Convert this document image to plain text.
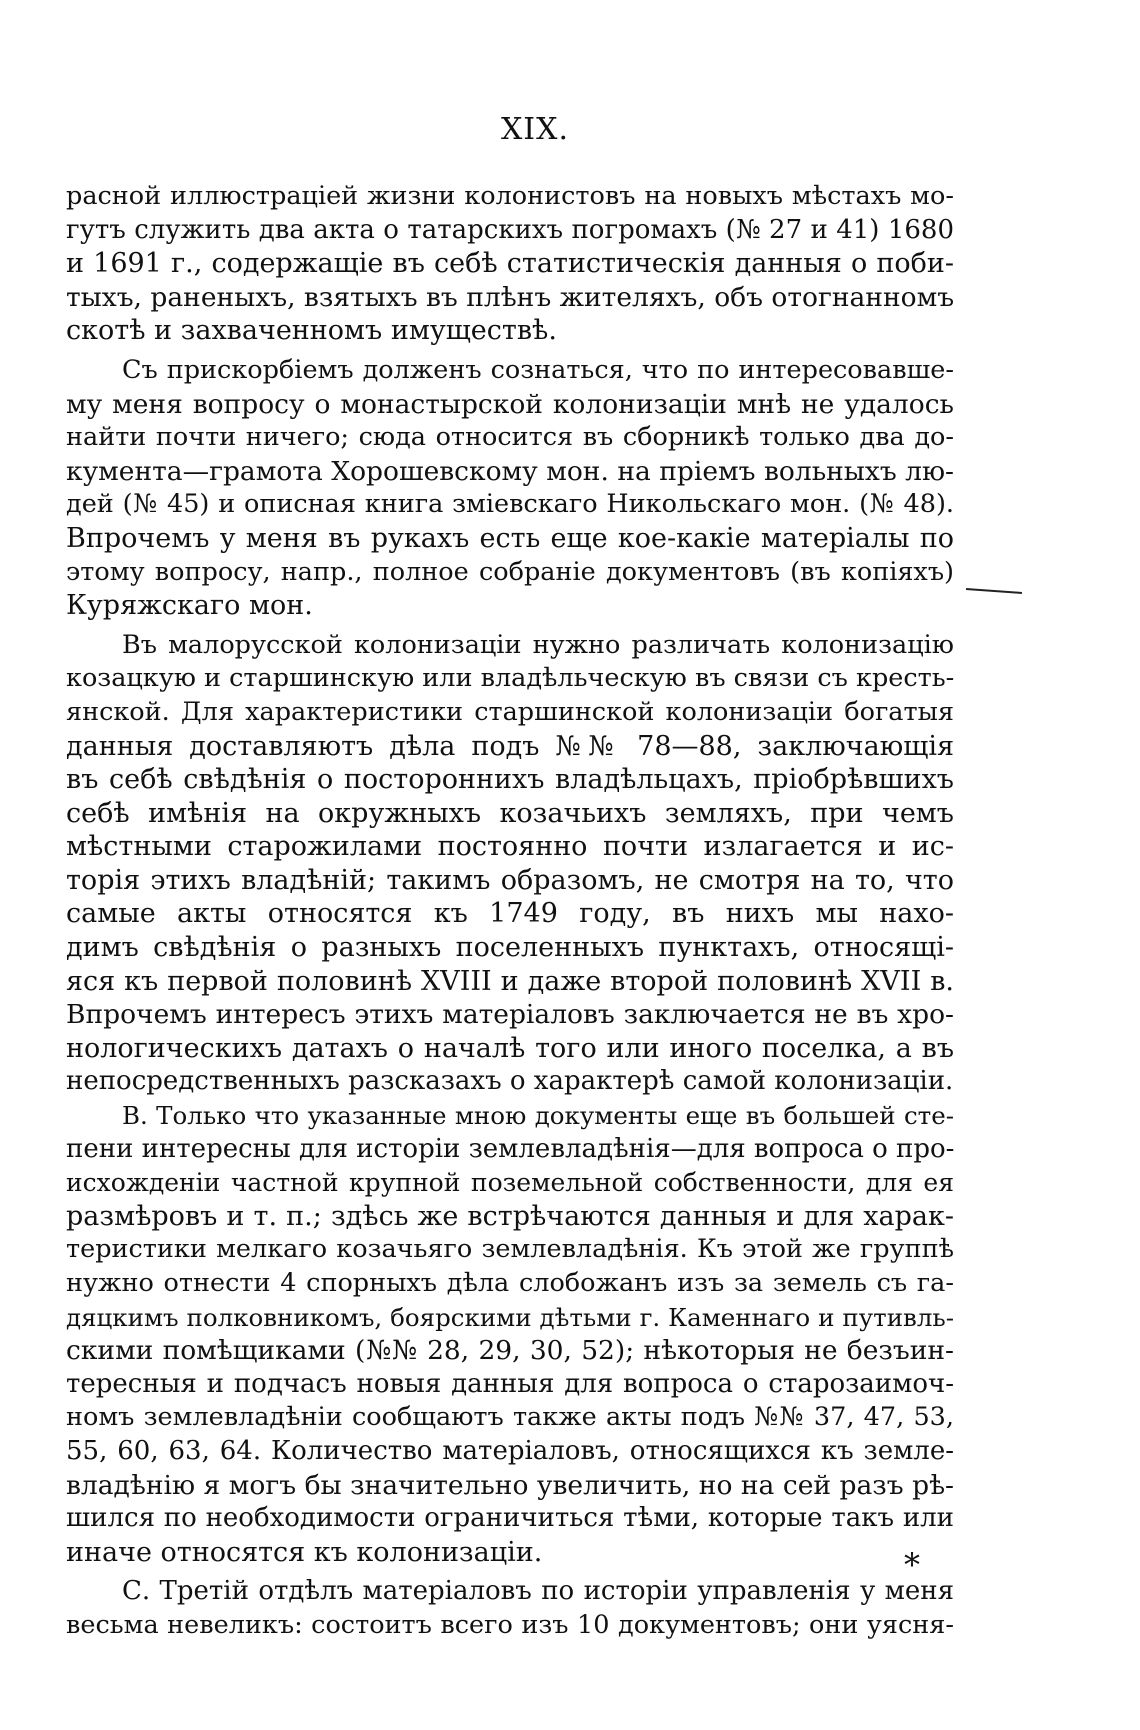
XIX.
расной иллюстраціей жизни колонистовъ на новыхъ мѣстахъ мо-
гутъ служить два акта о татарскихъ погромахъ (№ 27 и 41) 1680
и 1691 г., содержащіе въ себѣ статистическія данныя о поби-
тыхъ, раненыхъ, взятыхъ въ плѣнъ жителяхъ, объ отогнанномъ
скотѣ и захваченномъ имуществѣ.
Съ прискорбіемъ долженъ сознаться, что по интересовавше-
му меня вопросу о монастырской колонизаціи мнѣ не удалось
найти почти ничего; сюда относится въ сборникѣ только два до-
кумента—грамота Хорошевскому мон. на пріемъ вольныхъ лю-
дей (№ 45) и описная книга зміевскаго Никольскаго мон. (№ 48).
Впрочемъ у меня въ рукахъ есть еще кое-какіе матеріалы по
этому вопросу, напр., полное собраніе документовъ (въ копіяхъ)
Куряжскаго мон.
Въ малорусской колонизаціи нужно различать колонизацію
козацкую и старшинскую или владѣльческую въ связи съ кресть-
янской. Для характеристики старшинской колонизаціи богатыя
данныя доставляютъ дѣла подъ №№ 78—88, заключающія
въ себѣ свѣдѣнія о постороннихъ владѣльцахъ, пріобрѣвшихъ
себѣ имѣнія на окружныхъ козачьихъ земляхъ, при чемъ
мѣстными старожилами постоянно почти излагается и ис-
торія этихъ владѣній; такимъ образомъ, не смотря на то, что
самые акты относятся къ 1749 году, въ нихъ мы нахо-
димъ свѣдѣнія о разныхъ поселенныхъ пунктахъ, относящі-
яся къ первой половинѣ XVIII и даже второй половинѣ XVII в.
Впрочемъ интересъ этихъ матеріаловъ заключается не въ хро-
нологическихъ датахъ о началѣ того или иного поселка, а въ
непосредственныхъ разсказахъ о характерѣ самой колонизаціи.
В. Только что указанные мною документы еще въ большей сте-
пени интересны для исторіи землевладѣнія—для вопроса о про-
исхожденіи частной крупной поземельной собственности, для ея
размѣровъ и т. п.; здѣсь же встрѣчаются данныя и для харак-
теристики мелкаго козачьяго землевладѣнія. Къ этой же группѣ
нужно отнести 4 спорныхъ дѣла слобожанъ изъ за земель съ га-
дяцкимъ полковникомъ, боярскими дѣтьми г. Каменнаго и путивль-
скими помѣщиками (№№ 28, 29, 30, 52); нѣкоторыя не безъин-
тересныя и подчасъ новыя данныя для вопроса о старозаимоч-
номъ землевладѣніи сообщаютъ также акты подъ №№ 37, 47, 53,
55, 60, 63, 64. Количество матеріаловъ, относящихся къ земле-
владѣнію я могъ бы значительно увеличить, но на сей разъ рѣ-
шился по необходимости ограничиться тѣми, которые такъ или
иначе относятся къ колонизаціи.
С. Третій отдѣлъ матеріаловъ по исторіи управленія у меня
весьма невеликъ: состоитъ всего изъ 10 документовъ; они уясня-
*
